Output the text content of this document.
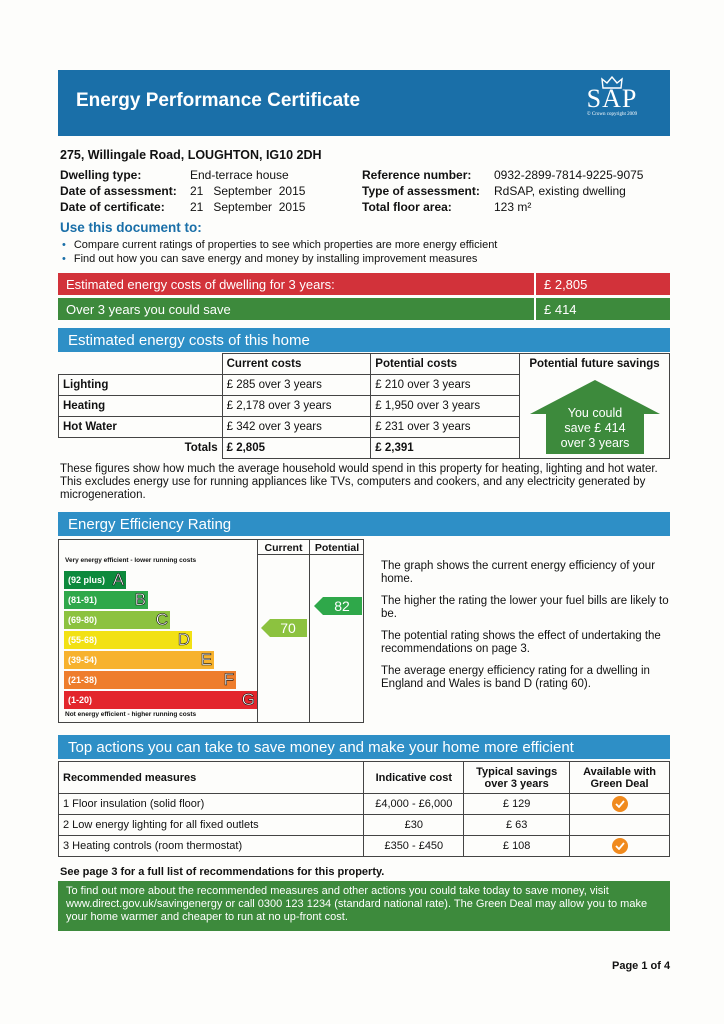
Energy Performance Certificate	SAP
© Crown copyright 2009
275, Willingale Road, LOUGHTON, IG10 2DH
Dwelling type:	End-terrace house
Date of assessment:	21   September  2015
Date of certificate:	21   September  2015
Reference number:	0932-2899-7814-9225-9075
Type of assessment:	RdSAP, existing dwelling
Total floor area:	123 m²
Use this document to:
• Compare current ratings of properties to see which properties are more energy efficient
• Find out how you can save energy and money by installing improvement measures
Estimated energy costs of dwelling for 3 years:	£ 2,805
Over 3 years you could save	£ 414
Estimated energy costs of this home
	Current costs	Potential costs
Lighting	£ 285 over 3 years	£ 210 over 3 years
Heating	£ 2,178 over 3 years	£ 1,950 over 3 years
Hot Water	£ 342 over 3 years	£ 231 over 3 years
Totals	£ 2,805	£ 2,391
Potential future savings
You could
save £ 414
over 3 years
These figures show how much the average household would spend in this property for heating, lighting and hot water. This excludes energy use for running appliances like TVs, computers and cookers, and any electricity generated by microgeneration.
Energy Efficiency Rating
Current	Potential
Very energy efficient - lower running costs
(92 plus) A
(81-91) B
(69-80)	C
(55-68)	D
(39-54)	E
(21-38)	F
(1-20)	G
Not energy efficient - higher running costs
82
70

The graph shows the current energy efficiency of your home.

The higher the rating the lower your fuel bills are likely to be.

The potential rating shows the effect of undertaking the recommendations on page 3.

The average energy efficiency rating for a dwelling in England and Wales is band D (rating 60).

Top actions you can take to save money and make your home more efficient
Recommended measures	Indicative cost	Typical savings over 3 years	Available with Green Deal
1 Floor insulation (solid floor)	£4,000 - £6,000	£ 129	

2 Low energy lighting for all fixed outlets	£30	£ 63	
3 Heating controls (room thermostat)	£350 - £450	£ 108	
See page 3 for a full list of recommendations for this property.
To find out more about the recommended measures and other actions you could take today to save money, visit www.direct.gov.uk/savingenergy or call 0300 123 1234 (standard national rate). The Green Deal may allow you to make your home warmer and cheaper to run at no up-front cost.
Page 1 of 4
